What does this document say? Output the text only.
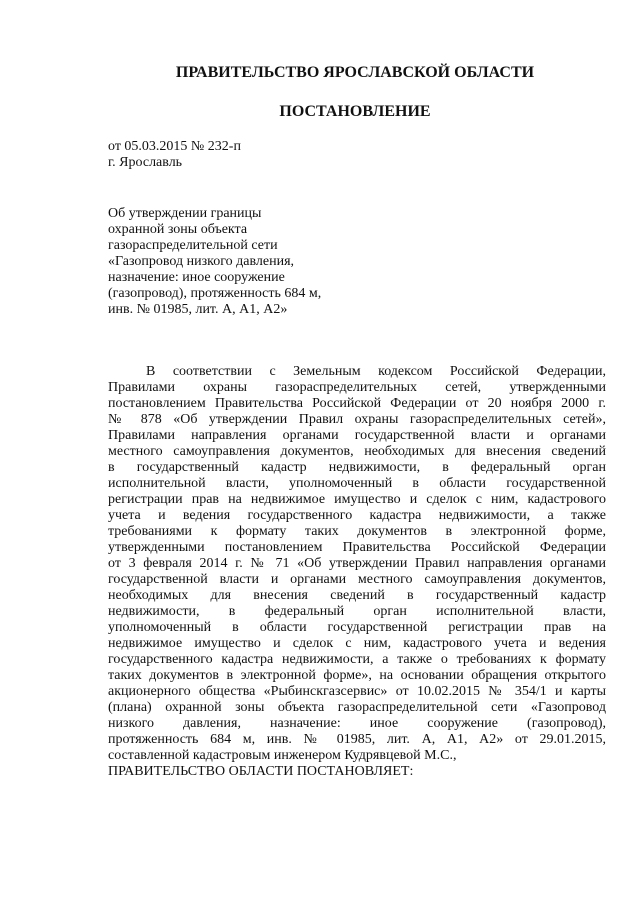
ПРАВИТЕЛЬСТВО ЯРОСЛАВСКОЙ ОБЛАСТИ
ПОСТАНОВЛЕНИЕ
от 05.03.2015 № 232-п
г. Ярославль
Об утверждении границы
охранной зоны объекта
газораспределительной сети
«Газопровод низкого давления,
назначение: иное сооружение
(газопровод), протяженность 684 м,
инв. № 01985, лит. А, А1, А2»
В соответствии с Земельным кодексом Российской Федерации,
Правилами охраны газораспределительных сетей, утвержденными
постановлением Правительства Российской Федерации от 20 ноября 2000 г.
№ 878 «Об утверждении Правил охраны газораспределительных сетей»,
Правилами направления органами государственной власти и органами
местного самоуправления документов, необходимых для внесения сведений
в государственный кадастр недвижимости, в федеральный орган
исполнительной власти, уполномоченный в области государственной
регистрации прав на недвижимое имущество и сделок с ним, кадастрового
учета и ведения государственного кадастра недвижимости, а также
требованиями к формату таких документов в электронной форме,
утвержденными постановлением Правительства Российской Федерации
от 3 февраля 2014 г. № 71 «Об утверждении Правил направления органами
государственной власти и органами местного самоуправления документов,
необходимых для внесения сведений в государственный кадастр
недвижимости, в федеральный орган исполнительной власти,
уполномоченный в области государственной регистрации прав на
недвижимое имущество и сделок с ним, кадастрового учета и ведения
государственного кадастра недвижимости, а также о требованиях к формату
таких документов в электронной форме», на основании обращения открытого
акционерного общества «Рыбинскгазсервис» от 10.02.2015 № 354/1 и карты
(плана) охранной зоны объекта газораспределительной сети «Газопровод
низкого давления, назначение: иное сооружение (газопровод),
протяженность 684 м, инв. № 01985, лит. А, А1, А2» от 29.01.2015,
составленной кадастровым инженером Кудрявцевой М.С.,
ПРАВИТЕЛЬСТВО ОБЛАСТИ ПОСТАНОВЛЯЕТ:
